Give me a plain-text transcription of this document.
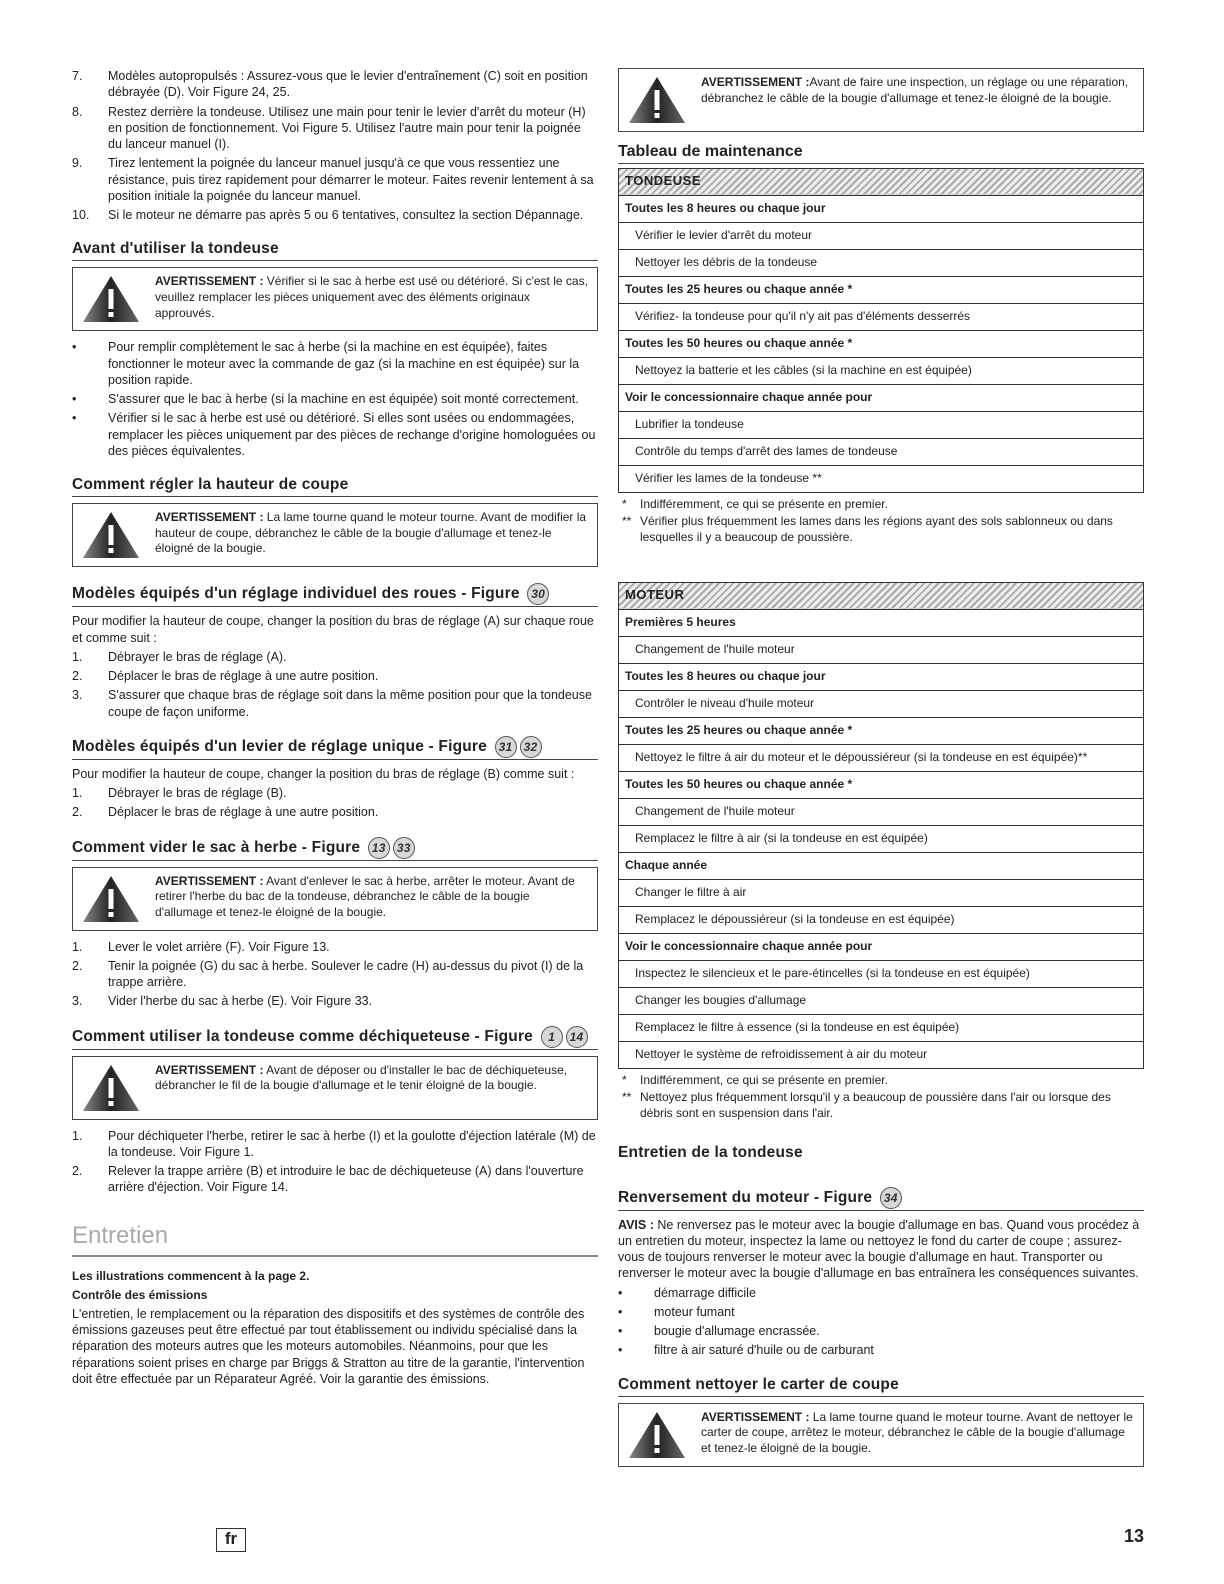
7.	Modèles autopropulsés : Assurez-vous que le levier d'entraînement (C) soit en position débrayée (D). Voir Figure 24, 25.
8.	Restez derrière la tondeuse. Utilisez une main pour tenir le levier d'arrêt du moteur (H) en position de fonctionnement. Voi Figure 5. Utilisez l'autre main pour tenir la poignée du lanceur manuel (I).
9.	Tirez lentement la poignée du lanceur manuel jusqu'à ce que vous ressentiez une résistance, puis tirez rapidement pour démarrer le moteur. Faites revenir lentement à sa position initiale la poignée du lanceur manuel.
10.	Si le moteur ne démarre pas après 5 ou 6 tentatives, consultez la section Dépannage.
Avant d'utiliser la tondeuse
AVERTISSEMENT : Vérifier si le sac à herbe est usé ou détérioré. Si c'est le cas, veuillez remplacer les pièces uniquement avec des éléments originaux approuvés.
•	Pour remplir complètement le sac à herbe (si la machine en est équipée), faites fonctionner le moteur avec la commande de gaz (si la machine en est équipée) sur la position rapide.
•	S'assurer que le bac à herbe (si la machine en est équipée) soit monté correctement.
•	Vérifier si le sac à herbe est usé ou détérioré. Si elles sont usées ou endommagées, remplacer les pièces uniquement par des pièces de rechange d'origine homologuées ou des pièces équivalentes.
Comment régler la hauteur de coupe
AVERTISSEMENT : La lame tourne quand le moteur tourne. Avant de modifier la hauteur de coupe, débranchez le câble de la bougie d'allumage et tenez-le éloigné de la bougie.
Modèles équipés d'un réglage individuel des roues - Figure 30

Pour modifier la hauteur de coupe, changer la position du bras de réglage (A) sur chaque roue et comme suit :

1.	Débrayer le bras de réglage (A).
2.	Déplacer le bras de réglage à une autre position.
3.	S'assurer que chaque bras de réglage soit dans la même position pour que la tondeuse coupe de façon uniforme.
Modèles équipés d'un levier de réglage unique - Figure 31 32

Pour modifier la hauteur de coupe, changer la position du bras de réglage (B) comme suit :

1.	Débrayer le bras de réglage (B).
2.	Déplacer le bras de réglage à une autre position.
Comment vider le sac à herbe - Figure 13 33
AVERTISSEMENT : Avant d'enlever le sac à herbe, arrêter le moteur. Avant de retirer l'herbe du bac de la tondeuse, débranchez le câble de la bougie d'allumage et tenez-le éloigné de la bougie.
1.	Lever le volet arrière (F). Voir Figure 13.
2.	Tenir la poignée (G) du sac à herbe. Soulever le cadre (H) au-dessus du pivot (I) de la trappe arrière.
3.	Vider l'herbe du sac à herbe (E). Voir Figure 33.
Comment utiliser la tondeuse comme déchiqueteuse - Figure 1 14
AVERTISSEMENT : Avant de déposer ou d'installer le bac de déchiqueteuse, débrancher le fil de la bougie d'allumage et le tenir éloigné de la bougie.
1.	Pour déchiqueter l'herbe, retirer le sac à herbe (I) et la goulotte d'éjection latérale (M) de la tondeuse. Voir Figure 1.
2.	Relever la trappe arrière (B) et introduire le bac de déchiqueteuse (A) dans l'ouverture arrière d'éjection. Voir Figure 14.
Entretien

Les illustrations commencent à la page 2.

Contrôle des émissions

L'entretien, le remplacement ou la réparation des dispositifs et des systèmes de contrôle des émissions gazeuses peut être effectué par tout établissement ou individu spécialisé dans la réparation des moteurs autres que les moteurs automobiles. Néanmoins, pour que les réparations soient prises en charge par Briggs & Stratton au titre de la garantie, l'intervention doit être effectuée par un Réparateur Agréé. Voir la garantie des émissions.

AVERTISSEMENT :Avant de faire une inspection, un réglage ou une réparation, débranchez le câble de la bougie d'allumage et tenez-le éloigné de la bougie.
Tableau de maintenance
TONDEUSE
Toutes les 8 heures ou chaque jour
Vérifier le levier d'arrêt du moteur
Nettoyer les débris de la tondeuse
Toutes les 25 heures ou chaque année *
Vérifiez- la tondeuse pour qu'il n'y ait pas d'éléments desserrés
Toutes les 50 heures ou chaque année *
Nettoyez la batterie et les câbles (si la machine en est équipée)
Voir le concessionnaire chaque année pour
Lubrifier la tondeuse
Contrôle du temps d'arrêt des lames de tondeuse
Vérifier les lames de la tondeuse **
*	Indifféremment, ce qui se présente en premier.
** Vérifier plus fréquemment les lames dans les régions ayant des sols sablonneux ou dans lesquelles il y a beaucoup de poussière.
MOTEUR
Premières 5 heures
Changement de l'huile moteur
Toutes les 8 heures ou chaque jour
Contrôler le niveau d'huile moteur
Toutes les 25 heures ou chaque année *
Nettoyez le filtre à air du moteur et le dépoussiéreur (si la tondeuse en est équipée)**
Toutes les 50 heures ou chaque année *
Changement de l'huile moteur
Remplacez le filtre à air (si la tondeuse en est équipée)
Chaque année
Changer le filtre à air
Remplacez le dépoussiéreur (si la tondeuse en est équipée)
Voir le concessionnaire chaque année pour
Inspectez le silencieux et le pare-étincelles (si la tondeuse en est équipée)
Changer les bougies d'allumage
Remplacez le filtre à essence (si la tondeuse en est équipée)
Nettoyer le système de refroidissement à air du moteur
*	Indifféremment, ce qui se présente en premier.
** Nettoyez plus fréquemment lorsqu'il y a beaucoup de poussière dans l'air ou lorsque des débris sont en suspension dans l'air.
Entretien de la tondeuse
Renversement du moteur - Figure 34

AVIS : Ne renversez pas le moteur avec la bougie d'allumage en bas. Quand vous procédez à un entretien du moteur, inspectez la lame ou nettoyez le fond du carter de coupe ; assurez-vous de toujours renverser le moteur avec la bougie d'allumage en haut. Transporter ou renverser le moteur avec la bougie d'allumage en bas entraînera les conséquences suivantes.

•	démarrage difficile
•	moteur fumant
•	bougie d'allumage encrassée.
•	filtre à air saturé d'huile ou de carburant
Comment nettoyer le carter de coupe
AVERTISSEMENT : La lame tourne quand le moteur tourne. Avant de nettoyer le carter de coupe, arrêtez le moteur, débranchez le câble de la bougie d'allumage et tenez-le éloigné de la bougie.
fr	13
